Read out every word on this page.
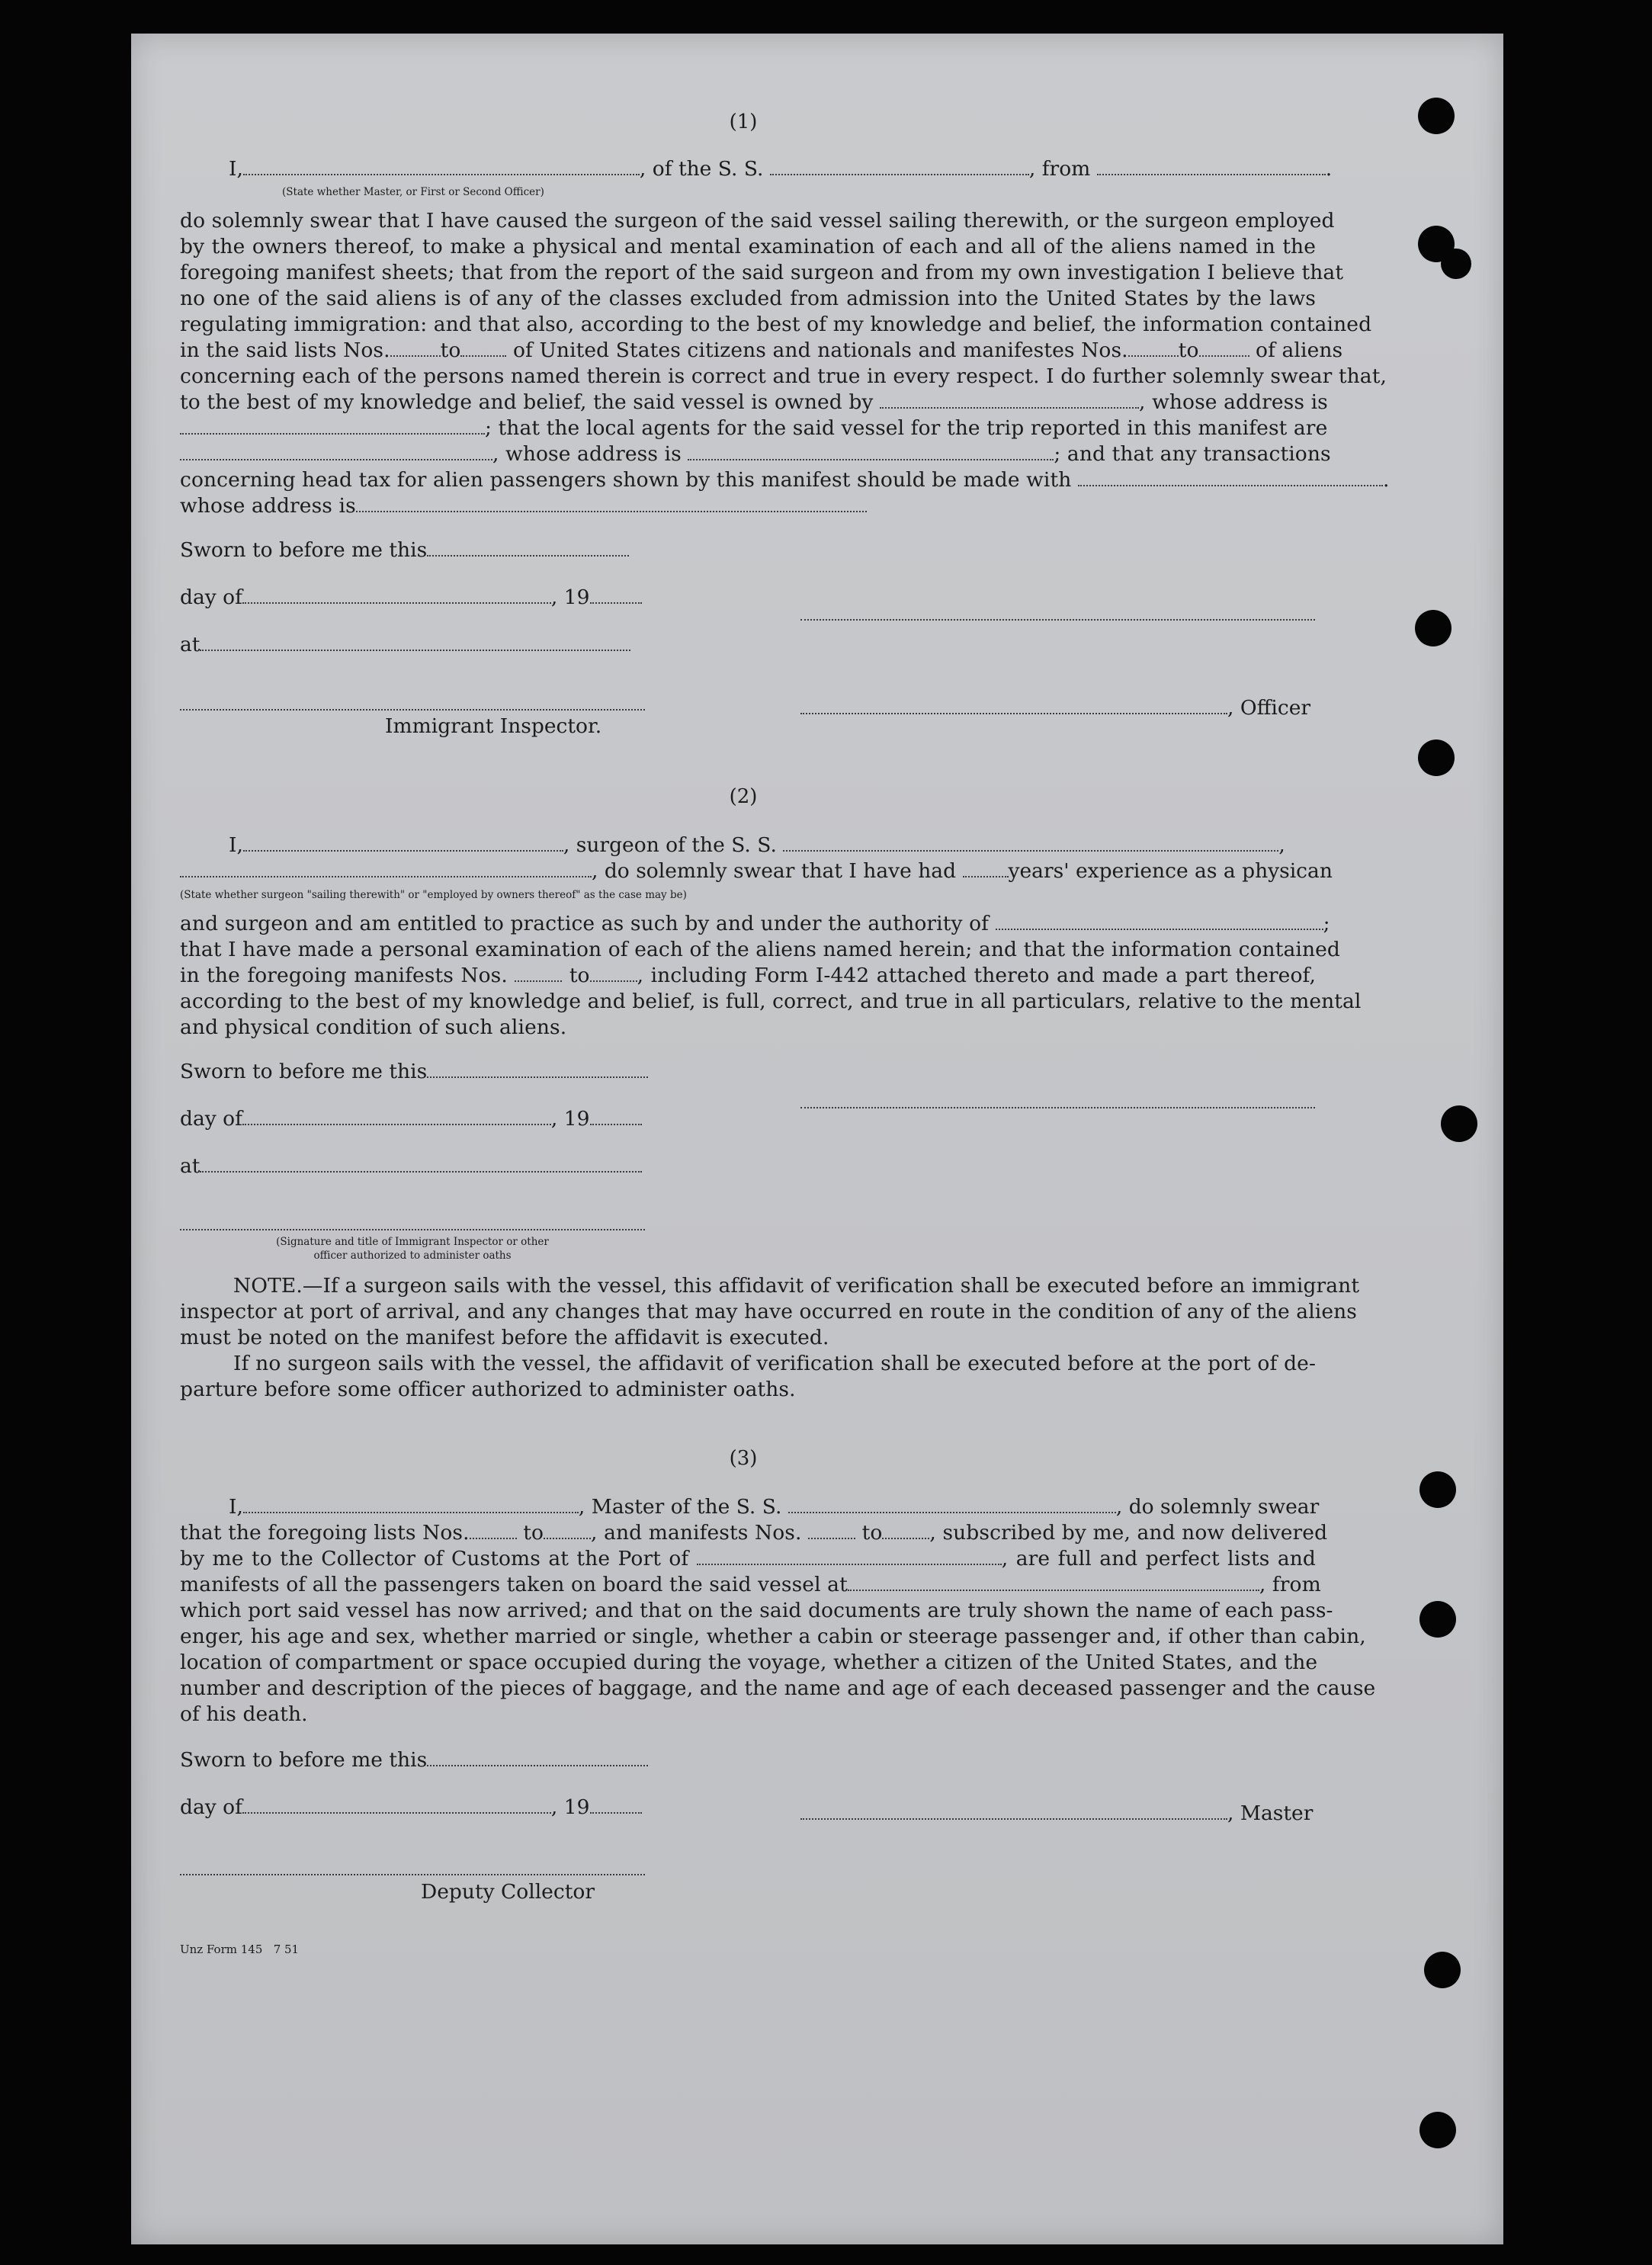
(1)
I,	, of the S. S.	, from	.
(State whether Master, or First or Second Officer)
do solemnly swear that I have caused the surgeon of the said vessel sailing therewith, or the surgeon employed
by the owners thereof, to make a physical and mental examination of each and all of the aliens named in the
foregoing manifest sheets; that from the report of the said surgeon and from my own investigation I believe that
no one of the said aliens is of any of the classes excluded from admission into the United States by the laws
regulating immigration: and that also, according to the best of my knowledge and belief, the information contained
in the said lists Nos. to	of United States citizens and nationals and manifestes Nos. to	of aliens
concerning each of the persons named therein is correct and true in every respect. I do further solemnly swear that,
to the best of my knowledge and belief, the said vessel is owned by	, whose address is
; that the local agents for the said vessel for the trip reported in this manifest are
, whose address is	; and that any transactions
concerning head tax for alien passengers shown by this manifest should be made with
whose address is
Sworn to before me this
day of	, 19
at
, Officer
Immigrant Inspector.
(2)
I,	, surgeon of the S. S.	,
, do solemnly swear that I have had	years' experience as a physican
(State whether surgeon "sailing therewith" or "employed by owners thereof" as the case may be)
and surgeon and am entitled to practice as such by and under the authority of
that I have made a personal examination of each of the aliens named herein; and that the information contained
in the foregoing manifests Nos.	to , including Form I-442 attached thereto and made a part thereof,
according to the best of my knowledge and belief, is full, correct, and true in all particulars, relative to the mental
and physical condition of such aliens.
Sworn to before me this
day of	, 19
at
(Signature and title of Immigrant Inspector or other
officer authorized to administer oaths
NOTE.—If a surgeon sails with the vessel, this affidavit of verification shall be executed before an immigrant
inspector at port of arrival, and any changes that may have occurred en route in the condition of any of the aliens
must be noted on the manifest before the affidavit is executed.
If no surgeon sails with the vessel, the affidavit of verification shall be executed before at the port of de-
parture before some officer authorized to administer oaths.
(3)
I,	, Master of the S. S.	, do solemnly swear
that the foregoing lists Nos.	to , and manifests Nos.	to , subscribed by me, and now delivered
by me to the Collector of Customs at the Port of	, are full and perfect lists and
manifests of all the passengers taken on board the said vessel at	, from
which port said vessel has now arrived; and that on the said documents are truly shown the name of each pass-
enger, his age and sex, whether married or single, whether a cabin or steerage passenger and, if other than cabin,
location of compartment or space occupied during the voyage, whether a citizen of the United States, and the
number and description of the pieces of baggage, and the name and age of each deceased passenger and the cause
of his death.
Sworn to before me this
day of	, 19	, Master
Deputy Collector
Unz Form 145   7 51
